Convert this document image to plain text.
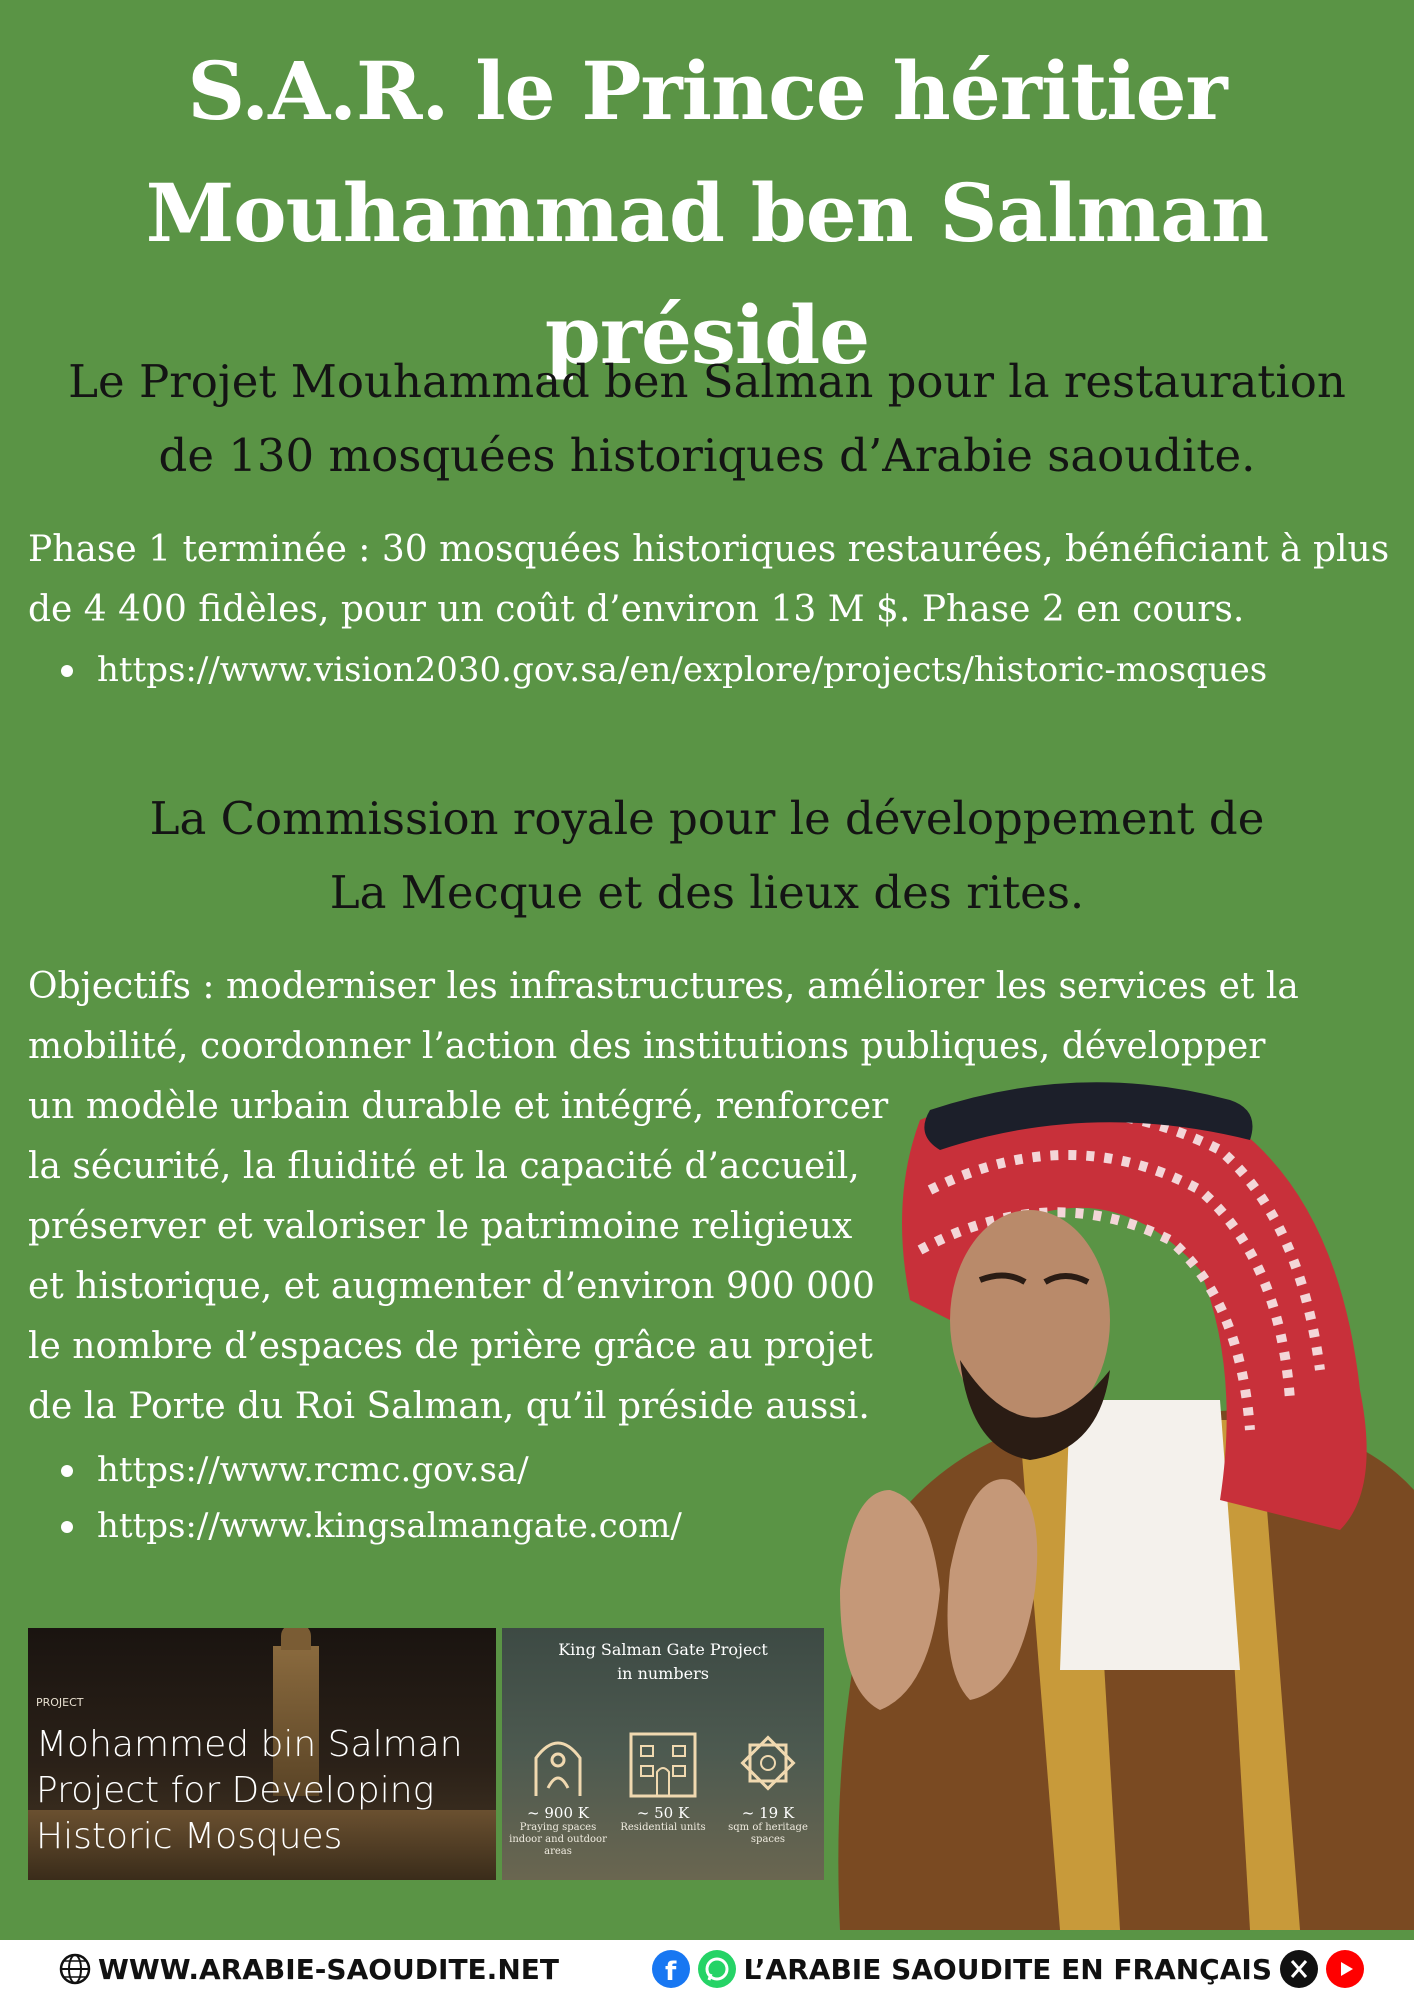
S.A.R. le Prince héritier
Mouhammad ben Salman préside
Le Projet Mouhammad ben Salman pour la restauration
de 130 mosquées historiques d’Arabie saoudite.

Phase 1 terminée : 30 mosquées historiques restaurées, bénéficiant à plus de 4 400 fidèles, pour un coût d’environ 13 M $. Phase 2 en cours.

https://www.vision2030.gov.sa/en/explore/projects/historic-mosques
La Commission royale pour le développement de
La Mecque et des lieux des rites.
Objectifs : moderniser les infrastructures, améliorer les services et la
mobilité, coordonner l’action des institutions publiques, développer
un modèle urbain durable et intégré, renforcer
la sécurité, la fluidité et la capacité d’accueil,
préserver et valoriser le patrimoine religieux
et historique, et augmenter d’environ 900 000
le nombre d’espaces de prière grâce au projet
de la Porte du Roi Salman, qu’il préside aussi.
https://www.rcmc.gov.sa/
https://www.kingsalmangate.com/
PROJECT
Mohammed bin Salman Project for Developing Historic Mosques
King Salman Gate Project
in numbers
~ 900 K
Praying spaces indoor and outdoor areas
~ 50 K
Residential units
~ 19 K
sqm of heritage spaces
WWW.ARABIE-SAOUDITE.NET	f L’ARABIE SAOUDITE EN FRANÇAIS
